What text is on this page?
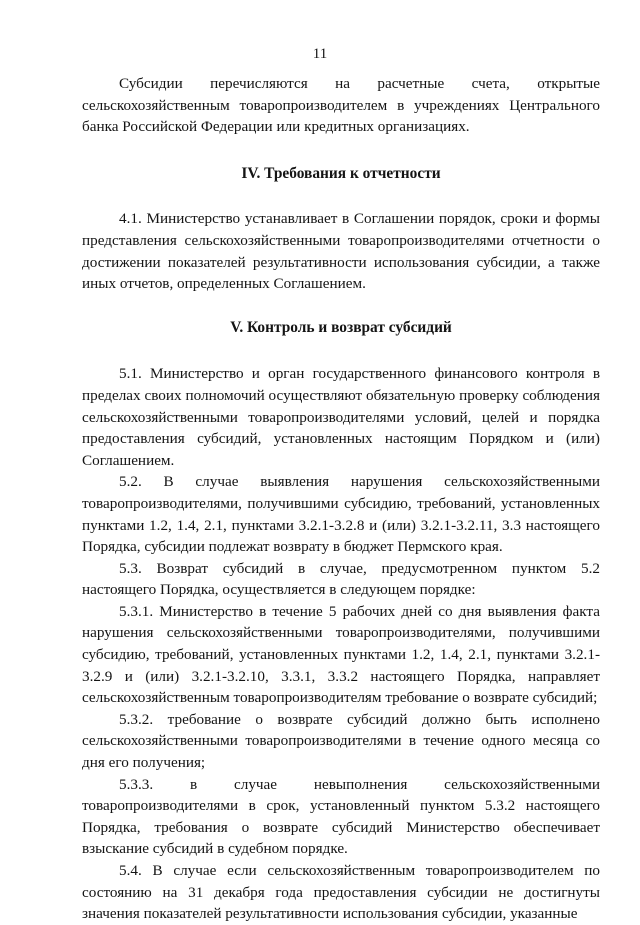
11

Субсидии перечисляются на расчетные счета, открытые сельскохозяйственным товаропроизводителем в учреждениях Центрального банка Российской Федерации или кредитных организациях.

IV. Требования к отчетности

4.1. Министерство устанавливает в Соглашении порядок, сроки и формы представления сельскохозяйственными товаропроизводителями отчетности о достижении показателей результативности использования субсидии, а также иных отчетов, определенных Соглашением.

V. Контроль и возврат субсидий

5.1. Министерство и орган государственного финансового контроля в пределах своих полномочий осуществляют обязательную проверку соблюдения сельскохозяйственными товаропроизводителями условий, целей и порядка предоставления субсидий, установленных настоящим Порядком и (или) Соглашением.

5.2. В случае выявления нарушения сельскохозяйственными товаропроизводителями, получившими субсидию, требований, установленных пунктами 1.2, 1.4, 2.1, пунктами 3.2.1-3.2.8 и (или) 3.2.1-3.2.11, 3.3 настоящего Порядка, субсидии подлежат возврату в бюджет Пермского края.

5.3. Возврат субсидий в случае, предусмотренном пунктом 5.2 настоящего Порядка, осуществляется в следующем порядке:

5.3.1. Министерство в течение 5 рабочих дней со дня выявления факта нарушения сельскохозяйственными товаропроизводителями, получившими субсидию, требований, установленных пунктами 1.2, 1.4, 2.1, пунктами 3.2.1-3.2.9 и (или) 3.2.1-3.2.10, 3.3.1, 3.3.2 настоящего Порядка, направляет сельскохозяйственным товаропроизводителям требование о возврате субсидий;

5.3.2. требование о возврате субсидий должно быть исполнено сельскохозяйственными товаропроизводителями в течение одного месяца со дня его получения;

5.3.3. в случае невыполнения сельскохозяйственными товаропроизводителями в срок, установленный пунктом 5.3.2 настоящего Порядка, требования о возврате субсидий Министерство обеспечивает взыскание субсидий в судебном порядке.

5.4. В случае если сельскохозяйственным товаропроизводителем по состоянию на 31 декабря года предоставления субсидии не достигнуты значения показателей результативности использования субсидии, указанные
